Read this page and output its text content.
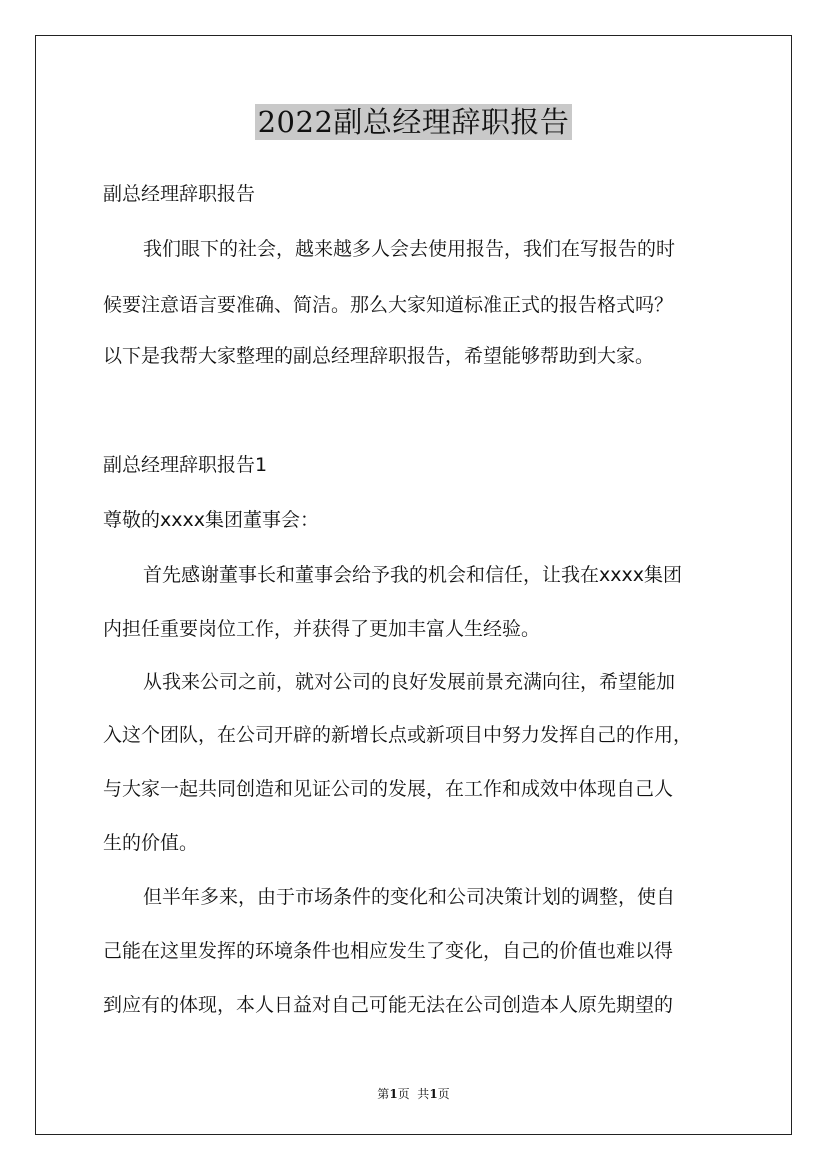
2022副总经理辞职报告
副总经理辞职报告
我们眼下的社会，越来越多人会去使用报告，我们在写报告的时
候要注意语言要准确、简洁。那么大家知道标准正式的报告格式吗？
以下是我帮大家整理的副总经理辞职报告，希望能够帮助到大家。
副总经理辞职报告1
尊敬的xxxx集团董事会：
首先感谢董事长和董事会给予我的机会和信任，让我在xxxx集团
内担任重要岗位工作，并获得了更加丰富人生经验。
从我来公司之前，就对公司的良好发展前景充满向往，希望能加
入这个团队，在公司开辟的新增长点或新项目中努力发挥自己的作用，
与大家一起共同创造和见证公司的发展，在工作和成效中体现自己人
生的价值。
但半年多来，由于市场条件的变化和公司决策计划的调整，使自
己能在这里发挥的环境条件也相应发生了变化，自己的价值也难以得
到应有的体现，本人日益对自己可能无法在公司创造本人原先期望的
第1页  共1页
